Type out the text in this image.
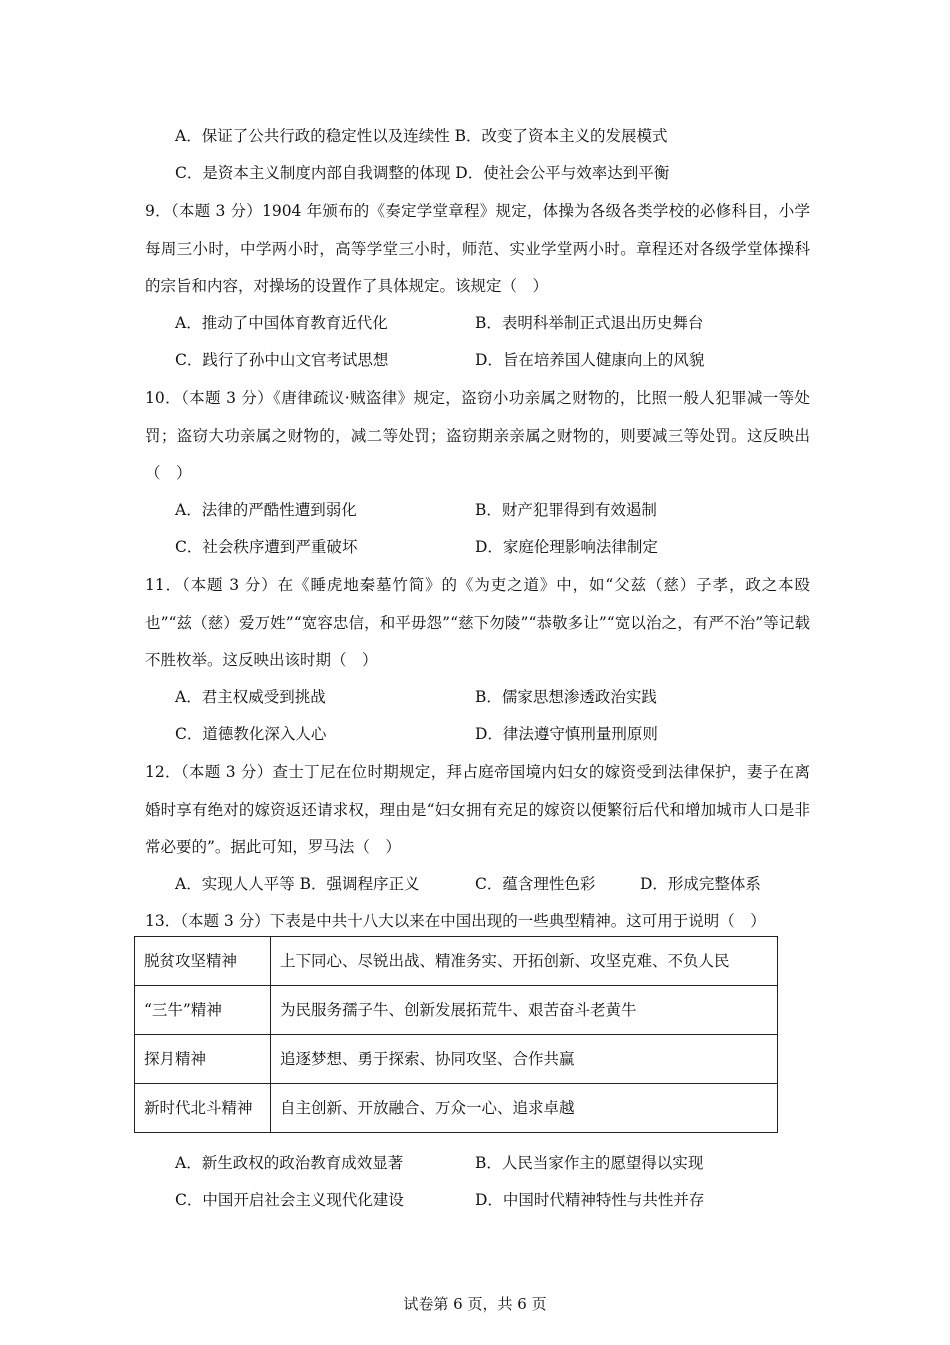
A．保证了公共行政的稳定性以及连续性 B．改变了资本主义的发展模式
C．是资本主义制度内部自我调整的体现 D．使社会公平与效率达到平衡
9．（本题 3 分）1904 年颁布的《奏定学堂章程》规定，体操为各级各类学校的必修科目，小学每周三小时，中学两小时，高等学堂三小时，师范、实业学堂两小时。章程还对各级学堂体操科的宗旨和内容，对操场的设置作了具体规定。该规定（　）
A．推动了中国体育教育近代化	B．表明科举制正式退出历史舞台
C．践行了孙中山文官考试思想	D．旨在培养国人健康向上的风貌
10．（本题 3 分）《唐律疏议·贼盗律》规定，盗窃小功亲属之财物的，比照一般人犯罪减一等处罚；盗窃大功亲属之财物的，减二等处罚；盗窃期亲亲属之财物的，则要减三等处罚。这反映出（　）
A．法律的严酷性遭到弱化	B．财产犯罪得到有效遏制
C．社会秩序遭到严重破坏	D．家庭伦理影响法律制定
11．（本题 3 分）在《睡虎地秦墓竹简》的《为吏之道》中，如“父兹（慈）子孝，政之本殴也”“兹（慈）爱万姓”“宽容忠信，和平毋怨”“慈下勿陵”“恭敬多让”“宽以治之，有严不治”等记载不胜枚举。这反映出该时期（　）
A．君主权威受到挑战	B．儒家思想渗透政治实践
C．道德教化深入人心	D．律法遵守慎刑量刑原则
12．（本题 3 分）查士丁尼在位时期规定，拜占庭帝国境内妇女的嫁资受到法律保护，妻子在离婚时享有绝对的嫁资返还请求权，理由是“妇女拥有充足的嫁资以便繁衍后代和增加城市人口是非常必要的”。据此可知，罗马法（　）
A．实现人人平等 B．强调程序正义	C．蕴含理性色彩	D．形成完整体系
13．（本题 3 分）下表是中共十八大以来在中国出现的一些典型精神。这可用于说明（　）
脱贫攻坚精神	上下同心、尽锐出战、精准务实、开拓创新、攻坚克难、不负人民
“三牛”精神	为民服务孺子牛、创新发展拓荒牛、艰苦奋斗老黄牛
探月精神	追逐梦想、勇于探索、协同攻坚、合作共赢
新时代北斗精神	自主创新、开放融合、万众一心、追求卓越
A．新生政权的政治教育成效显著	B．人民当家作主的愿望得以实现
C．中国开启社会主义现代化建设	D．中国时代精神特性与共性并存
试卷第 6 页，共 6 页
